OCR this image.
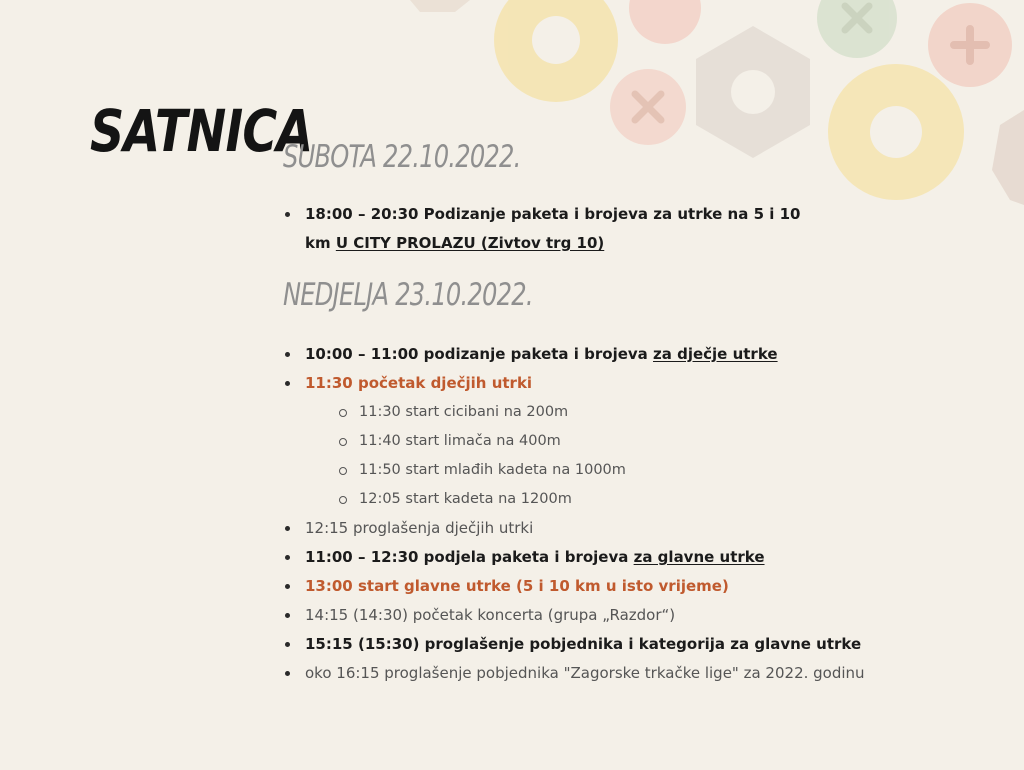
SATNICA
SUBOTA 22.10.2022.
18:00 – 20:30 Podizanje paketa i brojeva za utrke na 5 i 10 km U CITY PROLAZU (Zivtov trg 10)
NEDJELJA 23.10.2022.
10:00 – 11:00 podizanje paketa i brojeva za dječje utrke
11:30 početak dječjih utrki
11:30 start cicibani na 200m
11:40 start limača na 400m
11:50 start mlađih kadeta na 1000m
12:05 start kadeta na 1200m
12:15 proglašenja dječjih utrki
11:00 – 12:30 podjela paketa i brojeva za glavne utrke
13:00 start glavne utrke (5 i 10 km u isto vrijeme)
14:15 (14:30) početak koncerta (grupa „Razdor“)
15:15 (15:30) proglašenje pobjednika i kategorija za glavne utrke
oko 16:15 proglašenje pobjednika "Zagorske trkačke lige" za 2022. godinu
